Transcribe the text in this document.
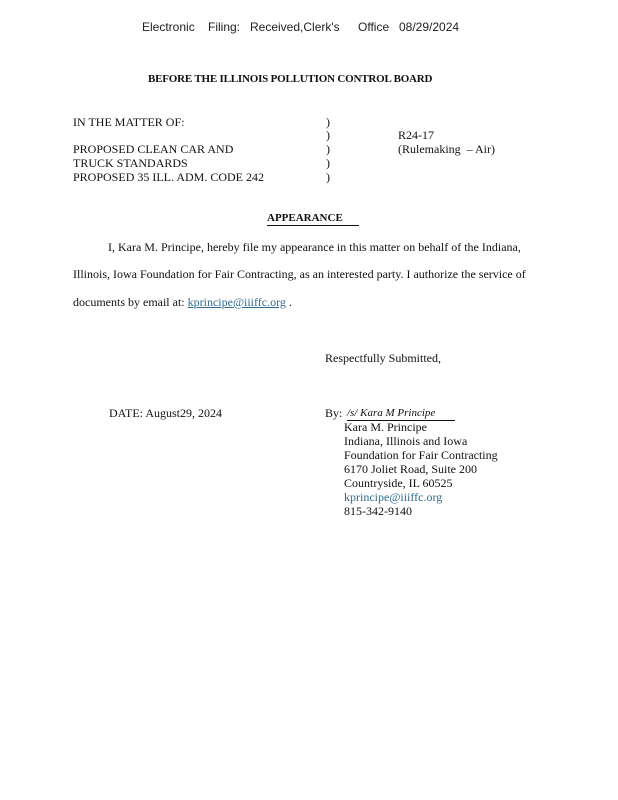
Electronic Filing: Received,Clerk's Office 08/29/2024
BEFORE THE ILLINOIS POLLUTION CONTROL BOARD
IN THE MATTER OF:
PROPOSED CLEAN CAR AND
TRUCK STANDARDS
PROPOSED 35 ILL. ADM. CODE 242
)
)
)
)
)
R24-17
(Rulemaking  – Air)
APPEARANCE
I, Kara M. Principe, hereby file my appearance in this matter on behalf of the Indiana,
Illinois, Iowa Foundation for Fair Contracting, as an interested party. I authorize the service of
documents by email at: kprincipe@iiiffc.org .
Respectfully Submitted,
DATE: August29, 2024	By: /s/ Kara M Principe
Kara M. Principe
Indiana, Illinois and Iowa
Foundation for Fair Contracting
6170 Joliet Road, Suite 200
Countryside, IL 60525
kprincipe@iiiffc.org
815-342-9140
